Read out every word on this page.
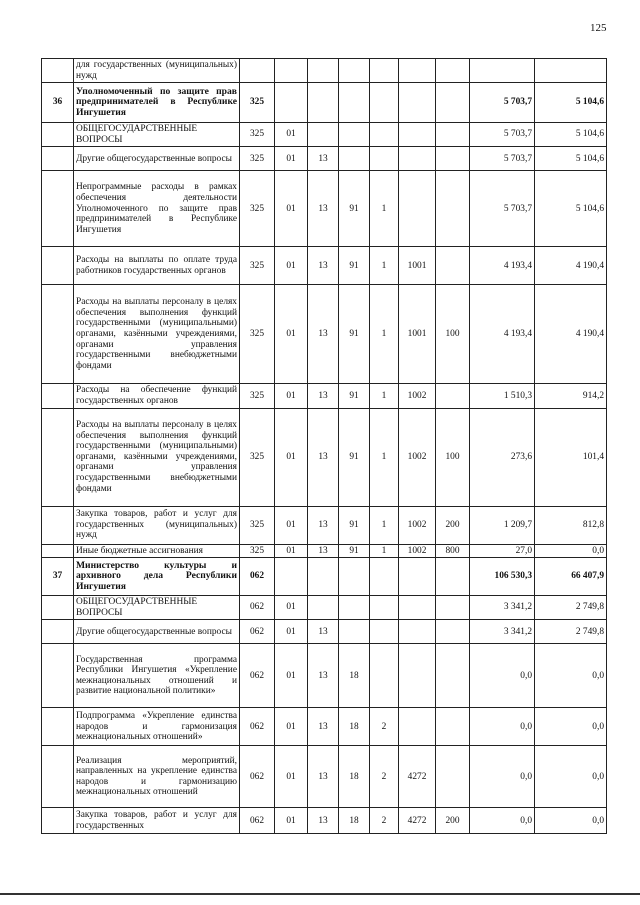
125
	для государственных (муниципальных) нужд									
36	Уполномоченный по защите прав предпринимателей в Республике Ингушетия	325							5 703,7	5 104,6
	ОБЩЕГОСУДАРСТВЕННЫЕ ВОПРОСЫ	325	01						5 703,7	5 104,6
	Другие общегосударственные вопросы	325	01	13					5 703,7	5 104,6
	Непрограммные расходы в рамках обеспечения деятельности Уполномоченного по защите прав предпринимателей в Республике Ингушетия	325	01	13	91	1			5 703,7	5 104,6
	Расходы на выплаты по оплате труда работников государственных органов	325	01	13	91	1	1001		4 193,4	4 190,4
	Расходы на выплаты персоналу в целях обеспечения выполнения функций государственными (муниципальными) органами, казёнными учреждениями, органами управления государственными внебюджетными фондами	325	01	13	91	1	1001	100	4 193,4	4 190,4
	Расходы на обеспечение функций государственных органов	325	01	13	91	1	1002		1 510,3	914,2
	Расходы на выплаты персоналу в целях обеспечения выполнения функций государственными (муниципальными) органами, казёнными учреждениями, органами управления государственными внебюджетными фондами	325	01	13	91	1	1002	100	273,6	101,4
	Закупка товаров, работ и услуг для государственных (муниципальных) нужд	325	01	13	91	1	1002	200	1 209,7	812,8
	Иные бюджетные ассигнования	325	01	13	91	1	1002	800	27,0	0,0
37	Министерство культуры и архивного дела Республики Ингушетия	062							106 530,3	66 407,9
	ОБЩЕГОСУДАРСТВЕННЫЕ ВОПРОСЫ	062	01						3 341,2	2 749,8
	Другие общегосударственные вопросы	062	01	13					3 341,2	2 749,8
	Государственная программа Республики Ингушетия «Укрепление межнациональных отношений и развитие национальной политики»	062	01	13	18				0,0	0,0
	Подпрограмма «Укрепление единства народов и гармонизация межнациональных отношений»	062	01	13	18	2			0,0	0,0
	Реализация мероприятий, направленных на укрепление единства народов и гармонизацию межнациональных отношений	062	01	13	18	2	4272		0,0	0,0
	Закупка товаров, работ и услуг для государственных	062	01	13	18	2	4272	200	0,0	0,0
